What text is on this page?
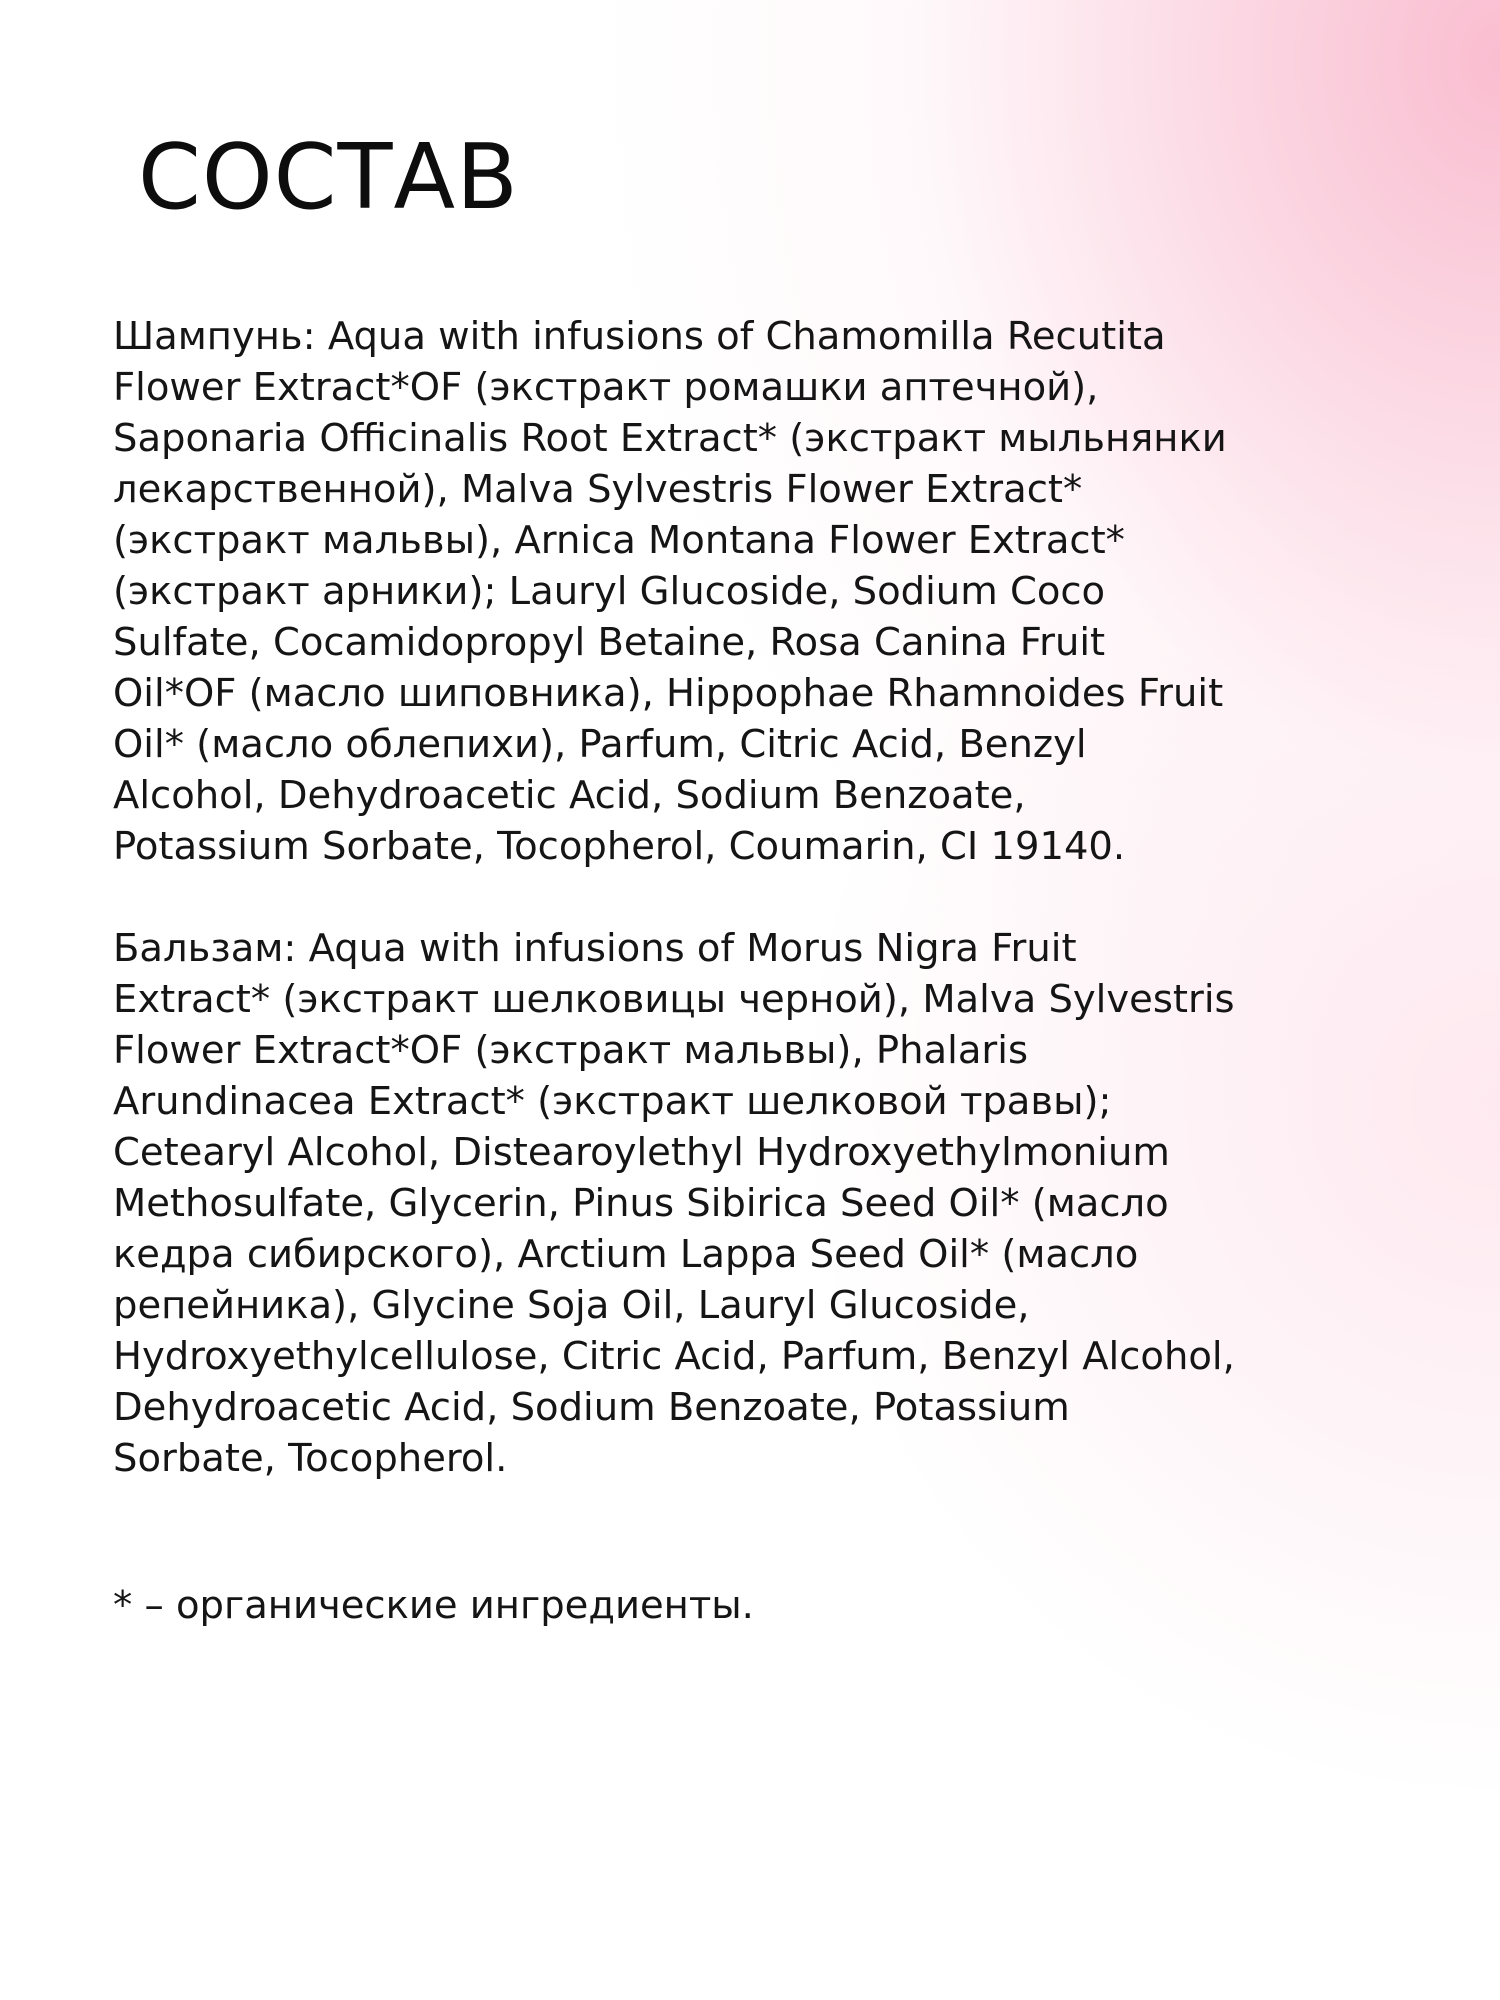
СОСТАВ

Шампунь: Aqua with infusions of Chamomilla Recutita
Flower Extract*OF (экстракт ромашки аптечной),
Saponaria Officinalis Root Extract* (экстракт мыльнянки
лекарственной), Malva Sylvestris Flower Extract*
(экстракт мальвы), Arnica Montana Flower Extract*
(экстракт арники); Lauryl Glucoside, Sodium Coco
Sulfate, Cocamidopropyl Betaine, Rosa Canina Fruit
Oil*OF (масло шиповника), Hippophae Rhamnoides Fruit
Oil* (масло облепихи), Parfum, Citric Acid, Benzyl
Alcohol, Dehydroacetic Acid, Sodium Benzoate,
Potassium Sorbate, Tocopherol, Coumarin, CI 19140.

Бальзам: Aqua with infusions of Morus Nigra Fruit
Extract* (экстракт шелковицы черной), Malva Sylvestris
Flower Extract*OF (экстракт мальвы), Phalaris
Arundinacea Extract* (экстракт шелковой травы);
Cetearyl Alcohol, Distearoylethyl Hydroxyethylmonium
Methosulfate, Glycerin, Pinus Sibirica Seed Oil* (масло
кедра сибирского), Arctium Lappa Seed Oil* (масло
репейника), Glycine Soja Oil, Lauryl Glucoside,
Hydroxyethylcellulose, Citric Acid, Parfum, Benzyl Alcohol,
Dehydroacetic Acid, Sodium Benzoate, Potassium
Sorbate, Tocopherol.

* – органические ингредиенты.
